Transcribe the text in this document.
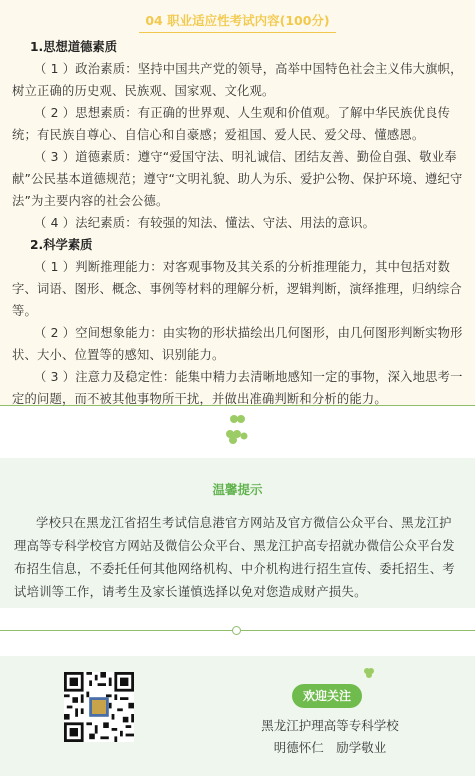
04 职业适应性考试内容(100分)

1.思想道德素质

（ 1 ）政治素质：坚持中国共产党的领导，高举中国特色社会主义伟大旗帜，树立正确的历史观、民族观、国家观、文化观。

（ 2 ）思想素质：有正确的世界观、人生观和价值观。了解中华民族优良传统；有民族自尊心、自信心和自豪感；爱祖国、爱人民、爱父母、懂感恩。

（ 3 ）道德素质：遵守“爱国守法、明礼诚信、团结友善、勤俭自强、敬业奉献”公民基本道德规范；遵守“文明礼貌、助人为乐、爱护公物、保护环境、遵纪守法”为主要内容的社会公德。

（ 4 ）法纪素质：有较强的知法、懂法、守法、用法的意识。

2.科学素质

（ 1 ）判断推理能力：对客观事物及其关系的分析推理能力，其中包括对数字、词语、图形、概念、事例等材料的理解分析，逻辑判断，演绎推理，归纳综合等。

（ 2 ）空间想象能力：由实物的形状描绘出几何图形，由几何图形判断实物形状、大小、位置等的感知、识别能力。

（ 3 ）注意力及稳定性：能集中精力去清晰地感知一定的事物，深入地思考一定的问题，而不被其他事物所干扰，并做出准确判断和分析的能力。

温馨提示

学校只在黑龙江省招生考试信息港官方网站及官方微信公众平台、黑龙江护理高等专科学校官方网站及微信公众平台、黑龙江护高专招就办微信公众平台发布招生信息，不委托任何其他网络机构、中介机构进行招生宣传、委托招生、考试培训等工作，请考生及家长谨慎选择以免对您造成财产损失。

欢迎关注
黑龙江护理高等专科学校
明德怀仁　励学敬业
